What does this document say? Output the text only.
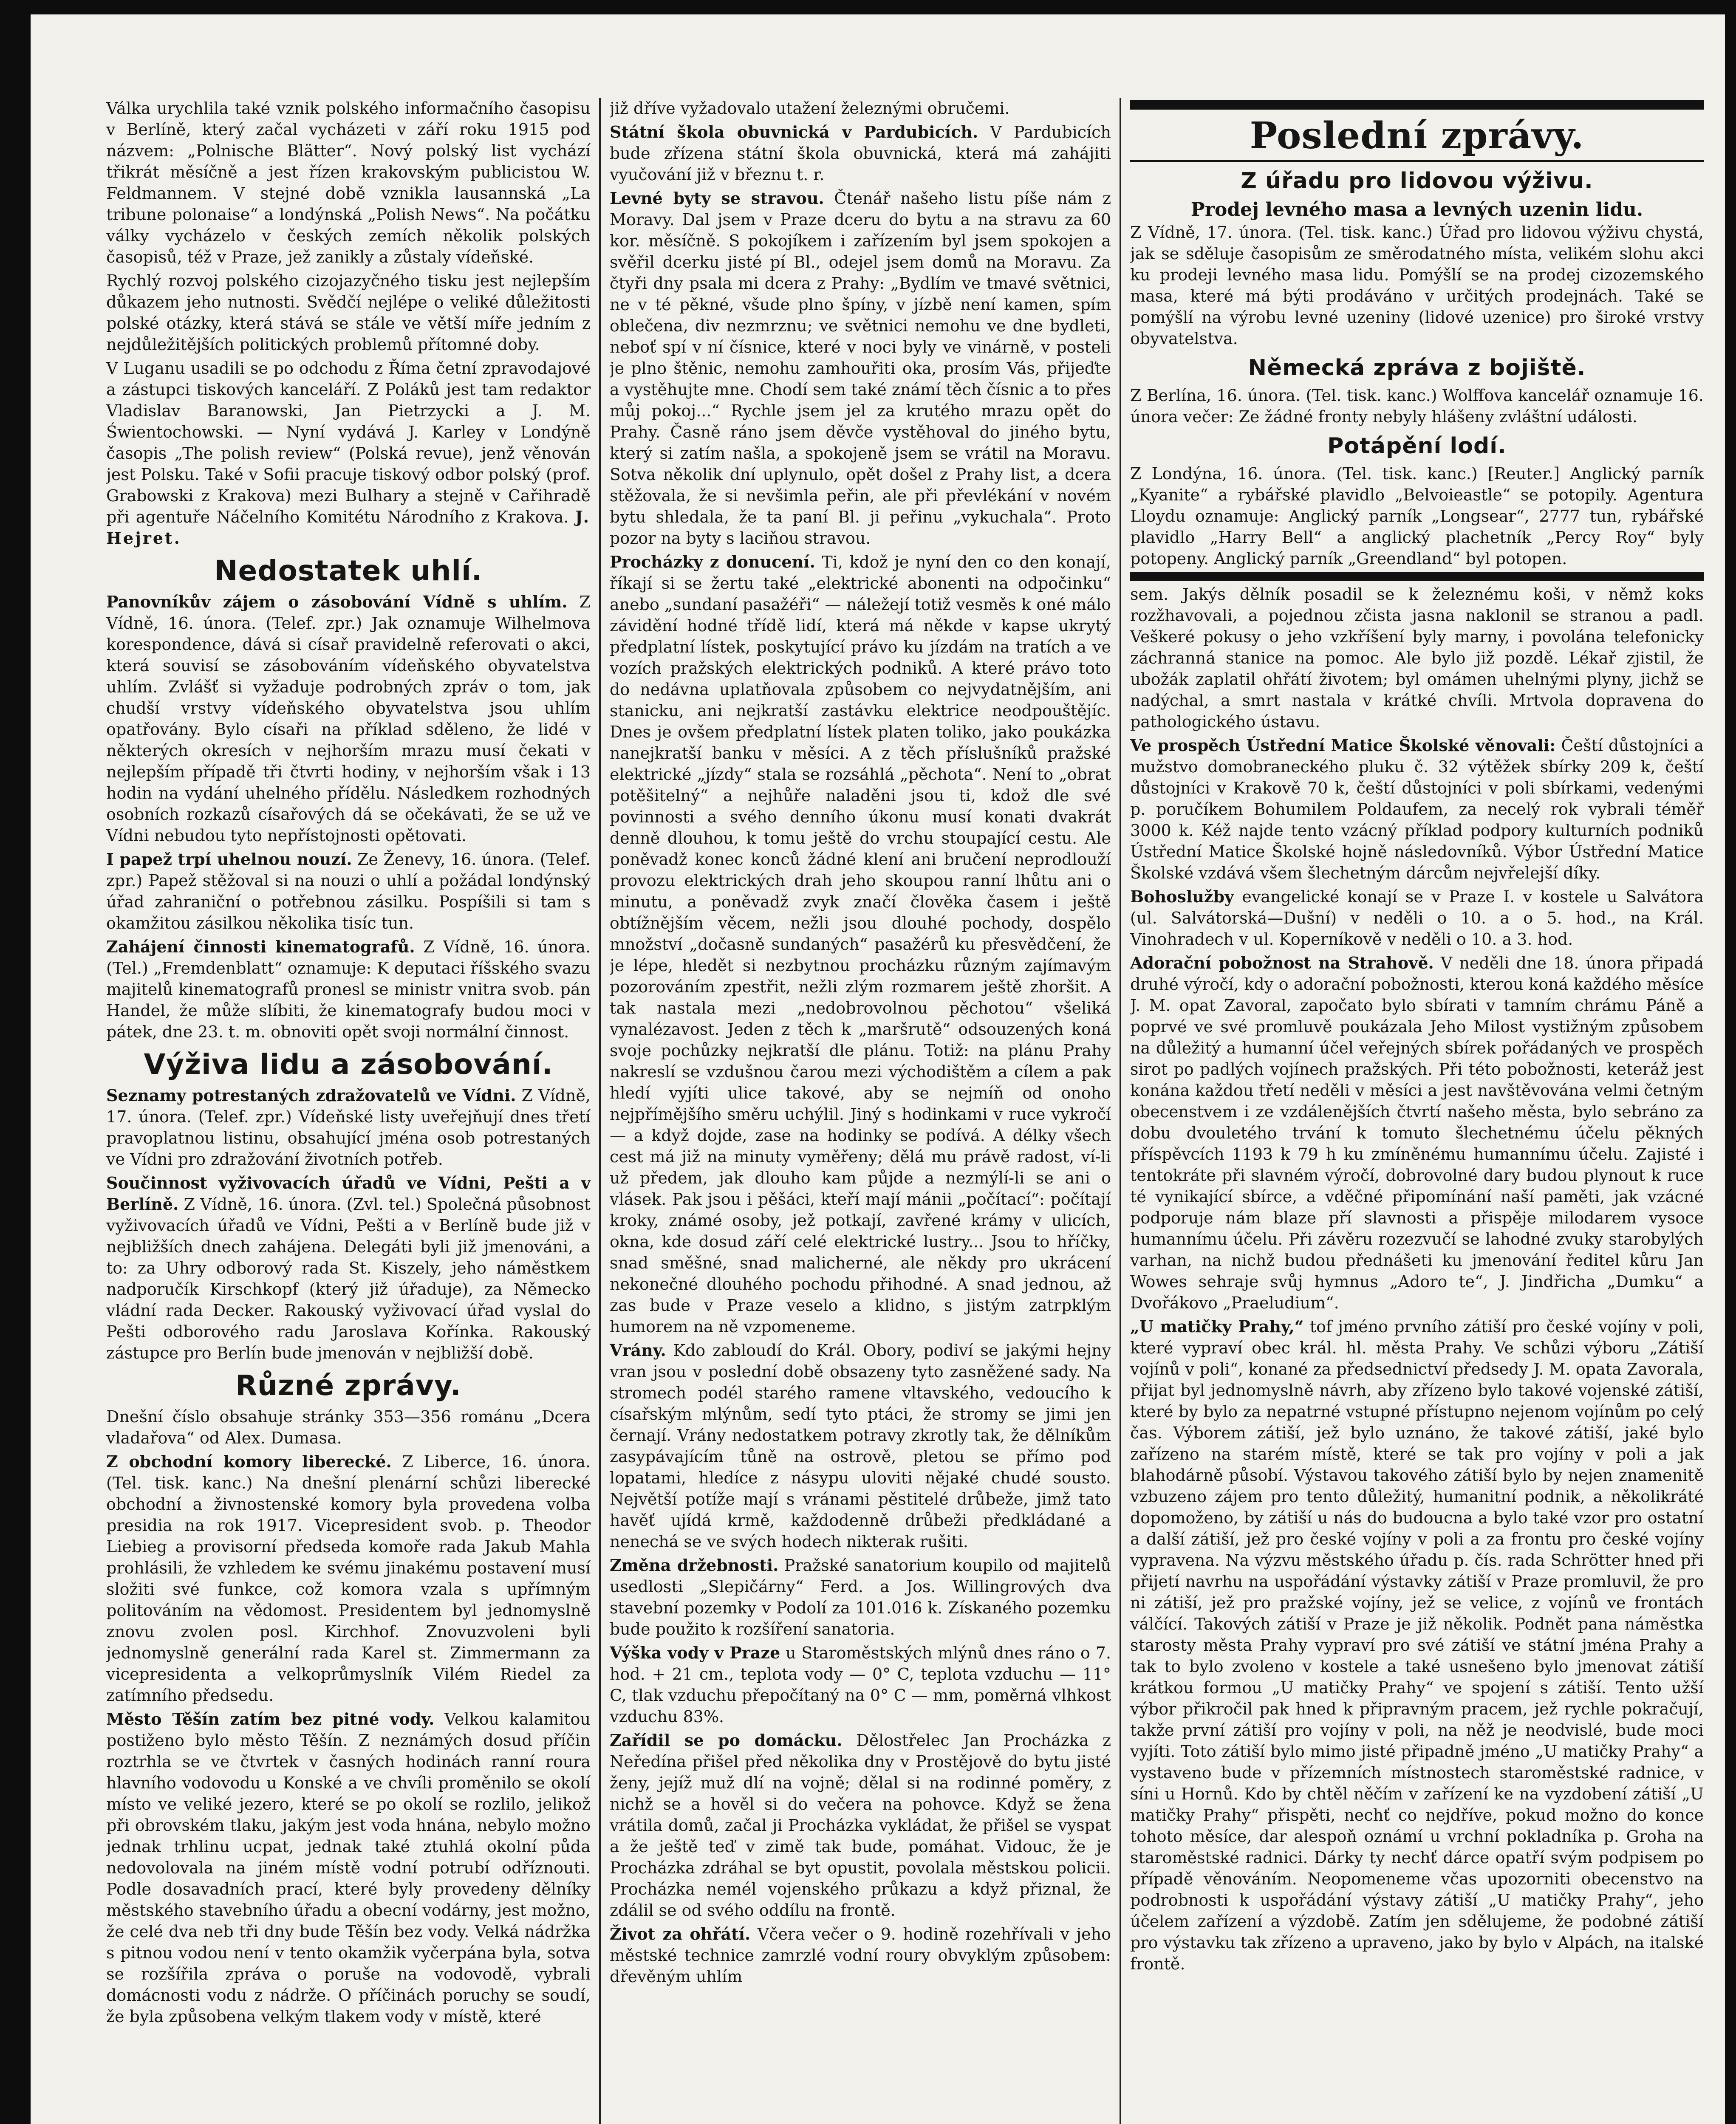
Válka urychlila také vznik polského informačního časopisu v Berlíně, který začal vycházeti v září roku 1915 pod názvem: „Polnische Blätter“. Nový polský list vychází třikrát měsíčně a jest řízen krakovským publicistou W. Feldmannem. V stejné době vznikla lausannská „La tribune polonaise“ a londýnská „Polish News“. Na počátku války vycházelo v českých zemích několik polských časopisů, též v Praze, jež zanikly a zůstaly vídeňské.

Rychlý rozvoj polského cizojazyčného tisku jest nejlepším důkazem jeho nutnosti. Svědčí nejlépe o veliké důležitosti polské otázky, která stává se stále ve větší míře jedním z nejdůležitějších politických problemů přítomné doby.

V Luganu usadili se po odchodu z Říma četní zpravodajové a zástupci tiskových kanceláří. Z Poláků jest tam redaktor Vladislav Baranowski, Jan Pietrzycki a J. M. Świentochowski. — Nyní vydává J. Karley v Londýně časopis „The polish review“ (Polská revue), jenž věnován jest Polsku. Také v Sofii pracuje tiskový odbor polský (prof. Grabowski z Krakova) mezi Bulhary a stejně v Cařihradě při agentuře Náčelního Komitétu Národního z Krakova. J. Hejret.

Nedostatek uhlí.

Panovníkův zájem o zásobování Vídně s uhlím. Z Vídně, 16. února. (Telef. zpr.) Jak oznamuje Wilhelmova korespondence, dává si císař pravidelně referovati o akci, která souvisí se zásobováním vídeňského obyvatelstva uhlím. Zvlášť si vyžaduje podrobných zpráv o tom, jak chudší vrstvy vídeňského obyvatelstva jsou uhlím opatřovány. Bylo císaři na příklad sděleno, že lidé v některých okresích v nejhorším mrazu musí čekati v nejlepším případě tři čtvrti hodiny, v nejhorším však i 13 hodin na vydání uhelného přídělu. Následkem rozhodných osobních rozkazů císařových dá se očekávati, že se už ve Vídni nebudou tyto nepřístojnosti opětovati.

I papež trpí uhelnou nouzí. Ze Ženevy, 16. února. (Telef. zpr.) Papež stěžoval si na nouzi o uhlí a požádal londýnský úřad zahraniční o potřebnou zásilku. Pospíšili si tam s okamžitou zásilkou několika tisíc tun.

Zahájení činnosti kinematografů. Z Vídně, 16. února. (Tel.) „Fremdenblatt“ oznamuje: K deputaci říšského svazu majitelů kinematografů pronesl se ministr vnitra svob. pán Handel, že může slíbiti, že kinematografy budou moci v pátek, dne 23. t. m. obnoviti opět svoji normální činnost.

Výživa lidu a zásobování.

Seznamy potrestaných zdražovatelů ve Vídni. Z Vídně, 17. února. (Telef. zpr.) Vídeňské listy uveřejňují dnes třetí pravoplatnou listinu, obsahující jména osob potrestaných ve Vídni pro zdražování životních potřeb.

Součinnost vyživovacích úřadů ve Vídni, Pešti a v Berlíně. Z Vídně, 16. února. (Zvl. tel.) Společná působnost vyživovacích úřadů ve Vídni, Pešti a v Berlíně bude již v nejbližších dnech zahájena. Delegáti byli již jmenováni, a to: za Uhry odborový rada St. Kiszely, jeho náměstkem nadporučík Kirschkopf (který již úřaduje), za Německo vládní rada Decker. Rakouský vyživovací úřad vyslal do Pešti odborového radu Jaroslava Kořínka. Rakouský zástupce pro Berlín bude jmenován v nejbližší době.

Různé zprávy.

Dnešní číslo obsahuje stránky 353—356 románu „Dcera vladařova“ od Alex. Dumasa.

Z obchodní komory liberecké. Z Liberce, 16. února. (Tel. tisk. kanc.) Na dnešní plenární schůzi liberecké obchodní a živnostenské komory byla provedena volba presidia na rok 1917. Vicepresident svob. p. Theodor Liebieg a provisorní předseda komoře rada Jakub Mahla prohlásili, že vzhledem ke svému jinakému postavení musí složiti své funkce, což komora vzala s upřímným politováním na vědomost. Presidentem byl jednomyslně znovu zvolen posl. Kirchhof. Znovuzvoleni byli jednomyslně generální rada Karel st. Zimmermann za vicepresidenta a velkoprůmyslník Vilém Riedel za zatímního předsedu.

Město Těšín zatím bez pitné vody. Velkou kalamitou postiženo bylo město Těšín. Z neznámých dosud příčin roztrhla se ve čtvrtek v časných hodinách ranní roura hlavního vodovodu u Konské a ve chvíli proměnilo se okolí místo ve veliké jezero, které se po okolí se rozlilo, jelikož při obrovském tlaku, jakým jest voda hnána, nebylo možno jednak trhlinu ucpat, jednak také ztuhlá okolní půda nedovolovala na jiném místě vodní potrubí odříznouti. Podle dosavadních prací, které byly provedeny dělníky městského stavebního úřadu a obecní vodárny, jest možno, že celé dva neb tři dny bude Těšín bez vody. Velká nádržka s pitnou vodou není v tento okamžik vyčerpána byla, sotva se rozšířila zpráva o poruše na vodovodě, vybrali domácnosti vodu z nádrže. O příčinách poruchy se soudí, že byla způsobena velkým tlakem vody v místě, které

již dříve vyžadovalo utažení železnými obručemi.

Státní škola obuvnická v Pardubicích. V Pardubicích bude zřízena státní škola obuvnická, která má zahájiti vyučování již v březnu t. r.

Levné byty se stravou. Čtenář našeho listu píše nám z Moravy. Dal jsem v Praze dceru do bytu a na stravu za 60 kor. měsíčně. S pokojíkem i zařízením byl jsem spokojen a svěřil dcerku jisté pí Bl., odejel jsem domů na Moravu. Za čtyři dny psala mi dcera z Prahy: „Bydlím ve tmavé světnici, ne v té pěkné, všude plno špíny, v jízbě není kamen, spím oblečena, div nezmrznu; ve světnici nemohu ve dne bydleti, neboť spí v ní čísnice, které v noci byly ve vinárně, v posteli je plno štěnic, nemohu zamhouřiti oka, prosím Vás, přijeďte a vystěhujte mne. Chodí sem také známí těch čísnic a to přes můj pokoj...“ Rychle jsem jel za krutého mrazu opět do Prahy. Časně ráno jsem děvče vystěhoval do jiného bytu, který si zatím našla, a spokojeně jsem se vrátil na Moravu. Sotva několik dní uplynulo, opět došel z Prahy list, a dcera stěžovala, že si nevšimla peřin, ale při převlékání v novém bytu shledala, že ta paní Bl. ji peřinu „vykuchala“. Proto pozor na byty s laciňou stravou.

Procházky z donucení. Ti, kdož je nyní den co den konají, říkají si se žertu také „elektrické abonenti na odpočinku“ anebo „sundaní pasažéři“ — náležejí totiž vesměs k oné málo závidění hodné třídě lidí, která má někde v kapse ukrytý předplatní lístek, poskytující právo ku jízdám na tratích a ve vozích pražských elektrických podniků. A které právo toto do nedávna uplatňovala způsobem co nejvydatnějším, ani stanicku, ani nejkratší zastávku elektrice neodpouštějíc. Dnes je ovšem předplatní lístek platen toliko, jako poukázka nanejkratší banku v měsíci. A z těch příslušníků pražské elektrické „jízdy“ stala se rozsáhlá „pěchota“. Není to „obrat potěšitelný“ a nejhůře naladěni jsou ti, kdož dle své povinnosti a svého denního úkonu musí konati dvakrát denně dlouhou, k tomu ještě do vrchu stoupající cestu. Ale poněvadž konec konců žádné klení ani bručení neprodlouží provozu elektrických drah jeho skoupou ranní lhůtu ani o minutu, a poněvadž zvyk značí člověka časem i ještě obtížnějším věcem, nežli jsou dlouhé pochody, dospělo množství „dočasně sundaných“ pasažérů ku přesvědčení, že je lépe, hledět si nezbytnou procházku různým zajímavým pozorováním zpestřit, nežli zlým rozmarem ještě zhoršit. A tak nastala mezi „nedobrovolnou pěchotou“ všeliká vynalézavost. Jeden z těch k „maršrutě“ odsouzených koná svoje pochůzky nejkratší dle plánu. Totiž: na plánu Prahy nakreslí se vzdušnou čarou mezi východištěm a cílem a pak hledí vyjíti ulice takové, aby se nejmíň od onoho nejpřímějšího směru uchýlil. Jiný s hodinkami v ruce vykročí — a když dojde, zase na hodinky se podívá. A délky všech cest má již na minuty vyměřeny; dělá mu právě radost, ví-li už předem, jak dlouho kam půjde a nezmýlí-li se ani o vlásek. Pak jsou i pěšáci, kteří mají mánii „počítací“: počítají kroky, známé osoby, jež potkají, zavřené krámy v ulicích, okna, kde dosud září celé elektrické lustry... Jsou to hříčky, snad směšné, snad malicherné, ale někdy pro ukrácení nekonečné dlouhého pochodu přihodné. A snad jednou, až zas bude v Praze veselo a klidno, s jistým zatrpklým humorem na ně vzpomeneme.

Vrány. Kdo zabloudí do Král. Obory, podiví se jakými hejny vran jsou v poslední době obsazeny tyto zasněžené sady. Na stromech podél starého ramene vltavského, vedoucího k císařským mlýnům, sedí tyto ptáci, že stromy se jimi jen černají. Vrány nedostatkem potravy zkrotly tak, že dělníkům zasypávajícím tůně na ostrově, pletou se přímo pod lopatami, hledíce z násypu uloviti nějaké chudé sousto. Největší potíže mají s vránami pěstitelé drůbeže, jimž tato havěť ujídá krmě, každodenně drůbeži předkládané a nenechá se ve svých hodech nikterak rušiti.

Změna držebnosti. Pražské sanatorium koupilo od majitelů usedlosti „Slepičárny“ Ferd. a Jos. Willingrových dva stavební pozemky v Podolí za 101.016 k. Získaného pozemku bude použito k rozšíření sanatoria.

Výška vody v Praze u Staroměstských mlýnů dnes ráno o 7. hod. + 21 cm., teplota vody — 0° C, teplota vzduchu — 11° C, tlak vzduchu přepočítaný na 0° C — mm, poměrná vlhkost vzduchu 83%.

Zařídil se po domácku. Dělostřelec Jan Procházka z Neředína přišel před několika dny v Prostějově do bytu jisté ženy, jejíž muž dlí na vojně; dělal si na rodinné poměry, z nichž se a hověl si do večera na pohovce. Když se žena vrátila domů, začal ji Procházka vykládat, že přišel se vyspat a že ještě teď v zimě tak bude, pomáhat. Vidouc, že je Procházka zdráhal se byt opustit, povolala městskou policii. Procházka nemél vojenského průkazu a když přiznal, že zdálil se od svého oddílu na frontě.

Život za ohřátí. Včera večer o 9. hodině rozehřívali v jeho městské technice zamrzlé vodní roury obvyklým způsobem: dřevěným uhlím

Poslední zprávy.
Z úřadu pro lidovou výživu.

Prodej levného masa a levných uzenin lidu.

Z Vídně, 17. února. (Tel. tisk. kanc.) Úřad pro lidovou výživu chystá, jak se sděluje časopisům ze směrodatného místa, velikém slohu akci ku prodeji levného masa lidu. Pomýšlí se na prodej cizozemského masa, které má býti prodáváno v určitých prodejnách. Také se pomýšlí na výrobu levné uzeniny (lidové uzenice) pro široké vrstvy obyvatelstva.

Německá zpráva z bojiště.

Z Berlína, 16. února. (Tel. tisk. kanc.) Wolffova kancelář oznamuje 16. února večer: Ze žádné fronty nebyly hlášeny zvláštní události.

Potápění lodí.

Z Londýna, 16. února. (Tel. tisk. kanc.) [Reuter.] Anglický parník „Kyanite“ a rybářské plavidlo „Belvoieastle“ se potopily. Agentura Lloydu oznamuje: Anglický parník „Longsear“, 2777 tun, rybářské plavidlo „Harry Bell“ a anglický plachetník „Percy Roy“ byly potopeny. Anglický parník „Greendland“ byl potopen.

sem. Jakýs dělník posadil se k železnému koši, v němž koks rozžhavovali, a pojednou zčista jasna naklonil se stranou a padl. Veškeré pokusy o jeho vzkříšení byly marny, i povolána telefonicky záchranná stanice na pomoc. Ale bylo již pozdě. Lékař zjistil, že ubožák zaplatil ohřátí životem; byl omámen uhelnými plyny, jichž se nadýchal, a smrt nastala v krátké chvíli. Mrtvola dopravena do pathologického ústavu.

Ve prospěch Ústřední Matice Školské věnovali: Čeští důstojníci a mužstvo domobraneckého pluku č. 32 výtěžek sbírky 209 k, čeští důstojníci v Krakově 70 k, čeští důstojníci v poli sbírkami, vedenými p. poručíkem Bohumilem Poldaufem, za necelý rok vybrali téměř 3000 k. Kéž najde tento vzácný příklad podpory kulturních podniků Ústřední Matice Školské hojně následovníků. Výbor Ústřední Matice Školské vzdává všem šlechetným dárcům nejvřelejší díky.

Bohoslužby evangelické konají se v Praze I. v kostele u Salvátora (ul. Salvátorská—Dušní) v neděli o 10. a o 5. hod., na Král. Vinohradech v ul. Koperníkově v neděli o 10. a 3. hod.

Adorační pobožnost na Strahově. V neděli dne 18. února připadá druhé výročí, kdy o adorační pobožnosti, kterou koná každého měsíce J. M. opat Zavoral, započato bylo sbírati v tamním chrámu Páně a poprvé ve své promluvě poukázala Jeho Milost vystižným způsobem na důležitý a humanní účel veřejných sbírek pořádaných ve prospěch sirot po padlých vojínech pražských. Při této pobožnosti, keteráž jest konána každou třetí neděli v měsíci a jest navštěvována velmi četným obecenstvem i ze vzdálenějších čtvrtí našeho města, bylo sebráno za dobu dvouletého trvání k tomuto šlechetnému účelu pěkných příspěvcích 1193 k 79 h ku zmíněnému humannímu účelu. Zajisté i tentokráte při slavném výročí, dobrovolné dary budou plynout k ruce té vynikající sbírce, a vděčné připomínání naší paměti, jak vzácné podporuje nám blaze pří slavnosti a přispěje milodarem vysoce humannímu účelu. Při závěru rozezvučí se lahodné zvuky starobylých varhan, na nichž budou přednášeti ku jmenování ředitel kůru Jan Wowes sehraje svůj hymnus „Adoro te“, J. Jindřicha „Dumku“ a Dvořákovo „Praeludium“.

„U matičky Prahy,“ tof jméno prvního zátiší pro české vojíny v poli, které vypraví obec král. hl. města Prahy. Ve schůzi výboru „Zátiší vojínů v poli“, konané za předsednictví předsedy J. M. opata Zavorala, přijat byl jednomyslně návrh, aby zřízeno bylo takové vojenské zátiší, které by bylo za nepatrné vstupné přístupno nejenom vojínům po celý čas. Výborem zátiší, jež bylo uznáno, že takové zátiší, jaké bylo zařízeno na starém místě, které se tak pro vojíny v poli a jak blahodárně působí. Výstavou takového zátiší bylo by nejen znamenitě vzbuzeno zájem pro tento důležitý, humanitní podnik, a několikráté dopomoženo, by zátiší u nás do budoucna a bylo také vzor pro ostatní a další zátiší, jež pro české vojíny v poli a za frontu pro české vojíny vypravena. Na výzvu městského úřadu p. čís. rada Schrötter hned při přijetí navrhu na uspořádání výstavky zátiší v Praze promluvil, že pro ni zátiší, jež pro pražské vojíny, jež se velice, z vojínů ve frontách válčící. Takových zátiší v Praze je již několik. Podnět pana náměstka starosty města Prahy vypraví pro své zátiší ve státní jména Prahy a tak to bylo zvoleno v kostele a také usnešeno bylo jmenovat zátiší krátkou formou „U matičky Prahy“ ve spojení s zátiší. Tento užší výbor přikročil pak hned k připravným pracem, jež rychle pokračují, takže první zátiší pro vojíny v poli, na něž je neodvislé, bude moci vyjíti. Toto zátiší bylo mimo jisté připadně jméno „U matičky Prahy“ a vystaveno bude v přízemních místnostech staroměstské radnice, v síni u Hornů. Kdo by chtěl něčím v zařízení ke na vyzdobení zátiší „U matičky Prahy“ přispěti, nechť co nejdříve, pokud možno do konce tohoto měsíce, dar alespoň oznámí u vrchní pokladníka p. Groha na staroměstské radnici. Dárky ty nechť dárce opatří svým podpisem po případě věnováním. Neopomeneme včas upozorniti obecenstvo na podrobnosti k uspořádání výstavy zátiší „U matičky Prahy“, jeho účelem zařízení a výzdobě. Zatím jen sdělujeme, že podobné zátiší pro výstavku tak zřízeno a upraveno, jako by bylo v Alpách, na italské frontě.
